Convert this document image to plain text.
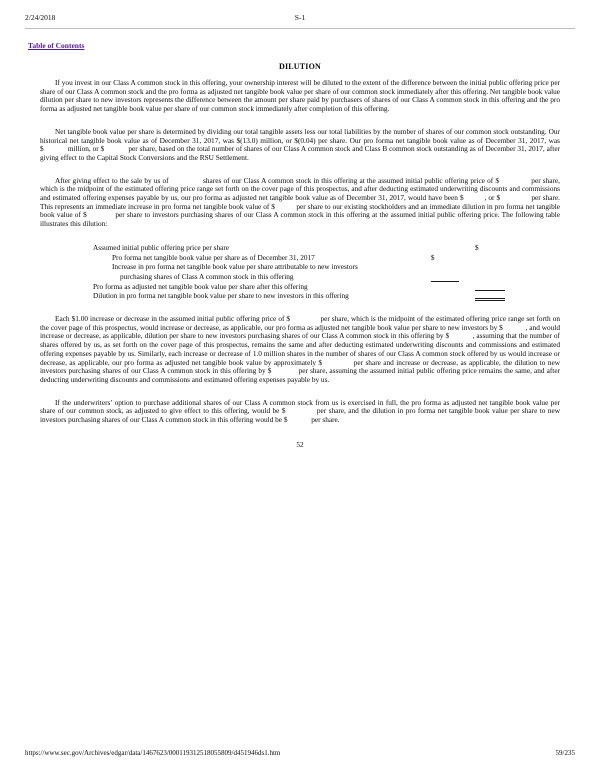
2/24/2018	S-1
Table of Contents
DILUTION

If you invest in our Class A common stock in this offering, your ownership interest will be diluted to the extent of the difference between the initial public offering price per share of our Class A common stock and the pro forma as adjusted net tangible book value per share of our common stock immediately after this offering. Net tangible book value dilution per share to new investors represents the difference between the amount per share paid by purchasers of shares of our Class A common stock in this offering and the pro forma as adjusted net tangible book value per share of our common stock immediately after completion of this offering.

Net tangible book value per share is determined by dividing our total tangible assets less our total liabilities by the number of shares of our common stock outstanding. Our historical net tangible book value as of December 31, 2017, was $(13.0) million, or $(0.04) per share. Our pro forma net tangible book value as of December 31, 2017, was $             million, or $             per share, based on the total number of shares of our Class A common stock and Class B common stock outstanding as of December 31, 2017, after giving effect to the Capital Stock Conversions and the RSU Settlement.

After giving effect to the sale by us of                shares of our Class A common stock in this offering at the assumed initial public offering price of $               per share, which is the midpoint of the estimated offering price range set forth on the cover page of this prospectus, and after deducting estimated underwriting discounts and commissions and estimated offering expenses payable by us, our pro forma as adjusted net tangible book value as of December 31, 2017, would have been $          , or $               per share. This represents an immediate increase in pro forma net tangible book value of $           per share to our existing stockholders and an immediate dilution in pro forma net tangible book value of $             per share to investors purchasing shares of our Class A common stock in this offering at the assumed initial public offering price. The following table illustrates this dilution:

Assumed initial public offering price per share	$
Pro forma net tangible book value per share as of December 31, 2017	$
Increase in pro forma net tangible book value per share attributable to new investors
purchasing shares of Class A common stock in this offering
Pro forma as adjusted net tangible book value per share after this offering
Dilution in pro forma net tangible book value per share to new investors in this offering

Each $1.00 increase or decrease in the assumed initial public offering price of $               per share, which is the midpoint of the estimated offering price range set forth on the cover page of this prospectus, would increase or decrease, as applicable, our pro forma as adjusted net tangible book value per share to new investors by $            , and would increase or decrease, as applicable, dilution per share to new investors purchasing shares of our Class A common stock in this offering by $            , assuming that the number of shares offered by us, as set forth on the cover page of this prospectus, remains the same and after deducting estimated underwriting discounts and commissions and estimated offering expenses payable by us. Similarly, each increase or decrease of 1.0 million shares in the number of shares of our Class A common stock offered by us would increase or decrease, as applicable, our pro forma as adjusted net tangible book value by approximately $             per share and increase or decrease, as applicable, the dilution to new investors purchasing shares of our Class A common stock in this offering by $             per share, assuming the assumed initial public offering price remains the same, and after deducting underwriting discounts and commissions and estimated offering expenses payable by us.

If the underwriters’ option to purchase additional shares of our Class A common stock from us is exercised in full, the pro forma as adjusted net tangible book value per share of our common stock, as adjusted to give effect to this offering, would be $             per share, and the dilution in pro forma net tangible book value per share to new investors purchasing shares of our Class A common stock in this offering would be $             per share.

52
https://www.sec.gov/Archives/edgar/data/1467623/000119312518055809/d451946ds1.htm	59/235
